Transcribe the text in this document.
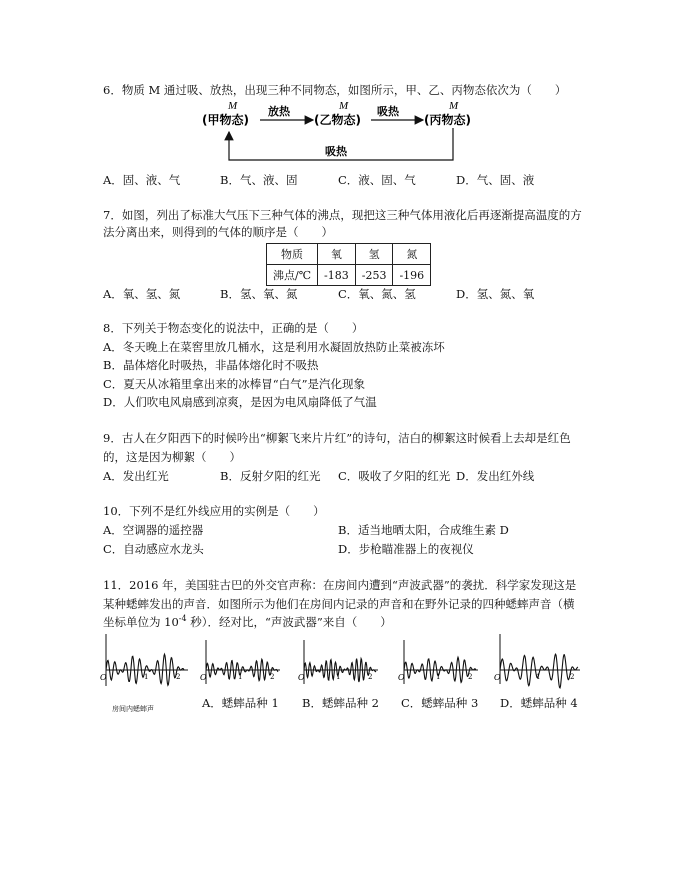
6．物质 M 通过吸、放热，出现三种不同物态，如图所示，甲、乙、丙物态依次为（　　）
M	M	M
(甲物态)	(乙物态)	(丙物态)
放热	吸热
吸热
A．固、液、气	B．气、液、固	C．液、固、气	D．气、固、液
7．如图，列出了标准大气压下三种气体的沸点，现把这三种气体用液化后再逐渐提高温度的方
法分离出来，则得到的气体的顺序是（　　）
物质	氧	氢	氮
沸点/℃	-183	-253	-196
A．氧、氢、氮	B．氢、氧、氮	C．氧、氮、氢	D．氢、氮、氧
8．下列关于物态变化的说法中，正确的是（　　）
A．冬天晚上在菜窖里放几桶水，这是利用水凝固放热防止菜被冻坏
B．晶体熔化时吸热，非晶体熔化时不吸热
C．夏天从冰箱里拿出来的冰棒冒“白气”是汽化现象
D．人们吹电风扇感到凉爽，是因为电风扇降低了气温
9．古人在夕阳西下的时候吟出“柳絮飞来片片红”的诗句，洁白的柳絮这时候看上去却是红色
的，这是因为柳絮（　　）
A．发出红光	B．反射夕阳的红光 C．吸收了夕阳的红光 D．发出红外线
10．下列不是红外线应用的实例是（　　）
A．空调器的遥控器	B．适当地晒太阳，合成维生素 D
C．自动感应水龙头	D．步枪瞄准器上的夜视仪
11．2016 年，美国驻古巴的外交官声称：在房间内遭到“声波武器”的袭扰．科学家发现这是
某种蟋蟀发出的声音．如图所示为他们在房间内记录的声音和在野外记录的四种蟋蟀声音（横
坐标单位为 $10^{-4}$ 秒）．经对比，“声波武器”来自（　　）
O	1	2
房间内蟋蟀声
O	1	2	O	1	2	O	1	2	O	1	2
A．蟋蟀品种 1 B．蟋蟀品种 2 C．蟋蟀品种 3 D．蟋蟀品种 4
